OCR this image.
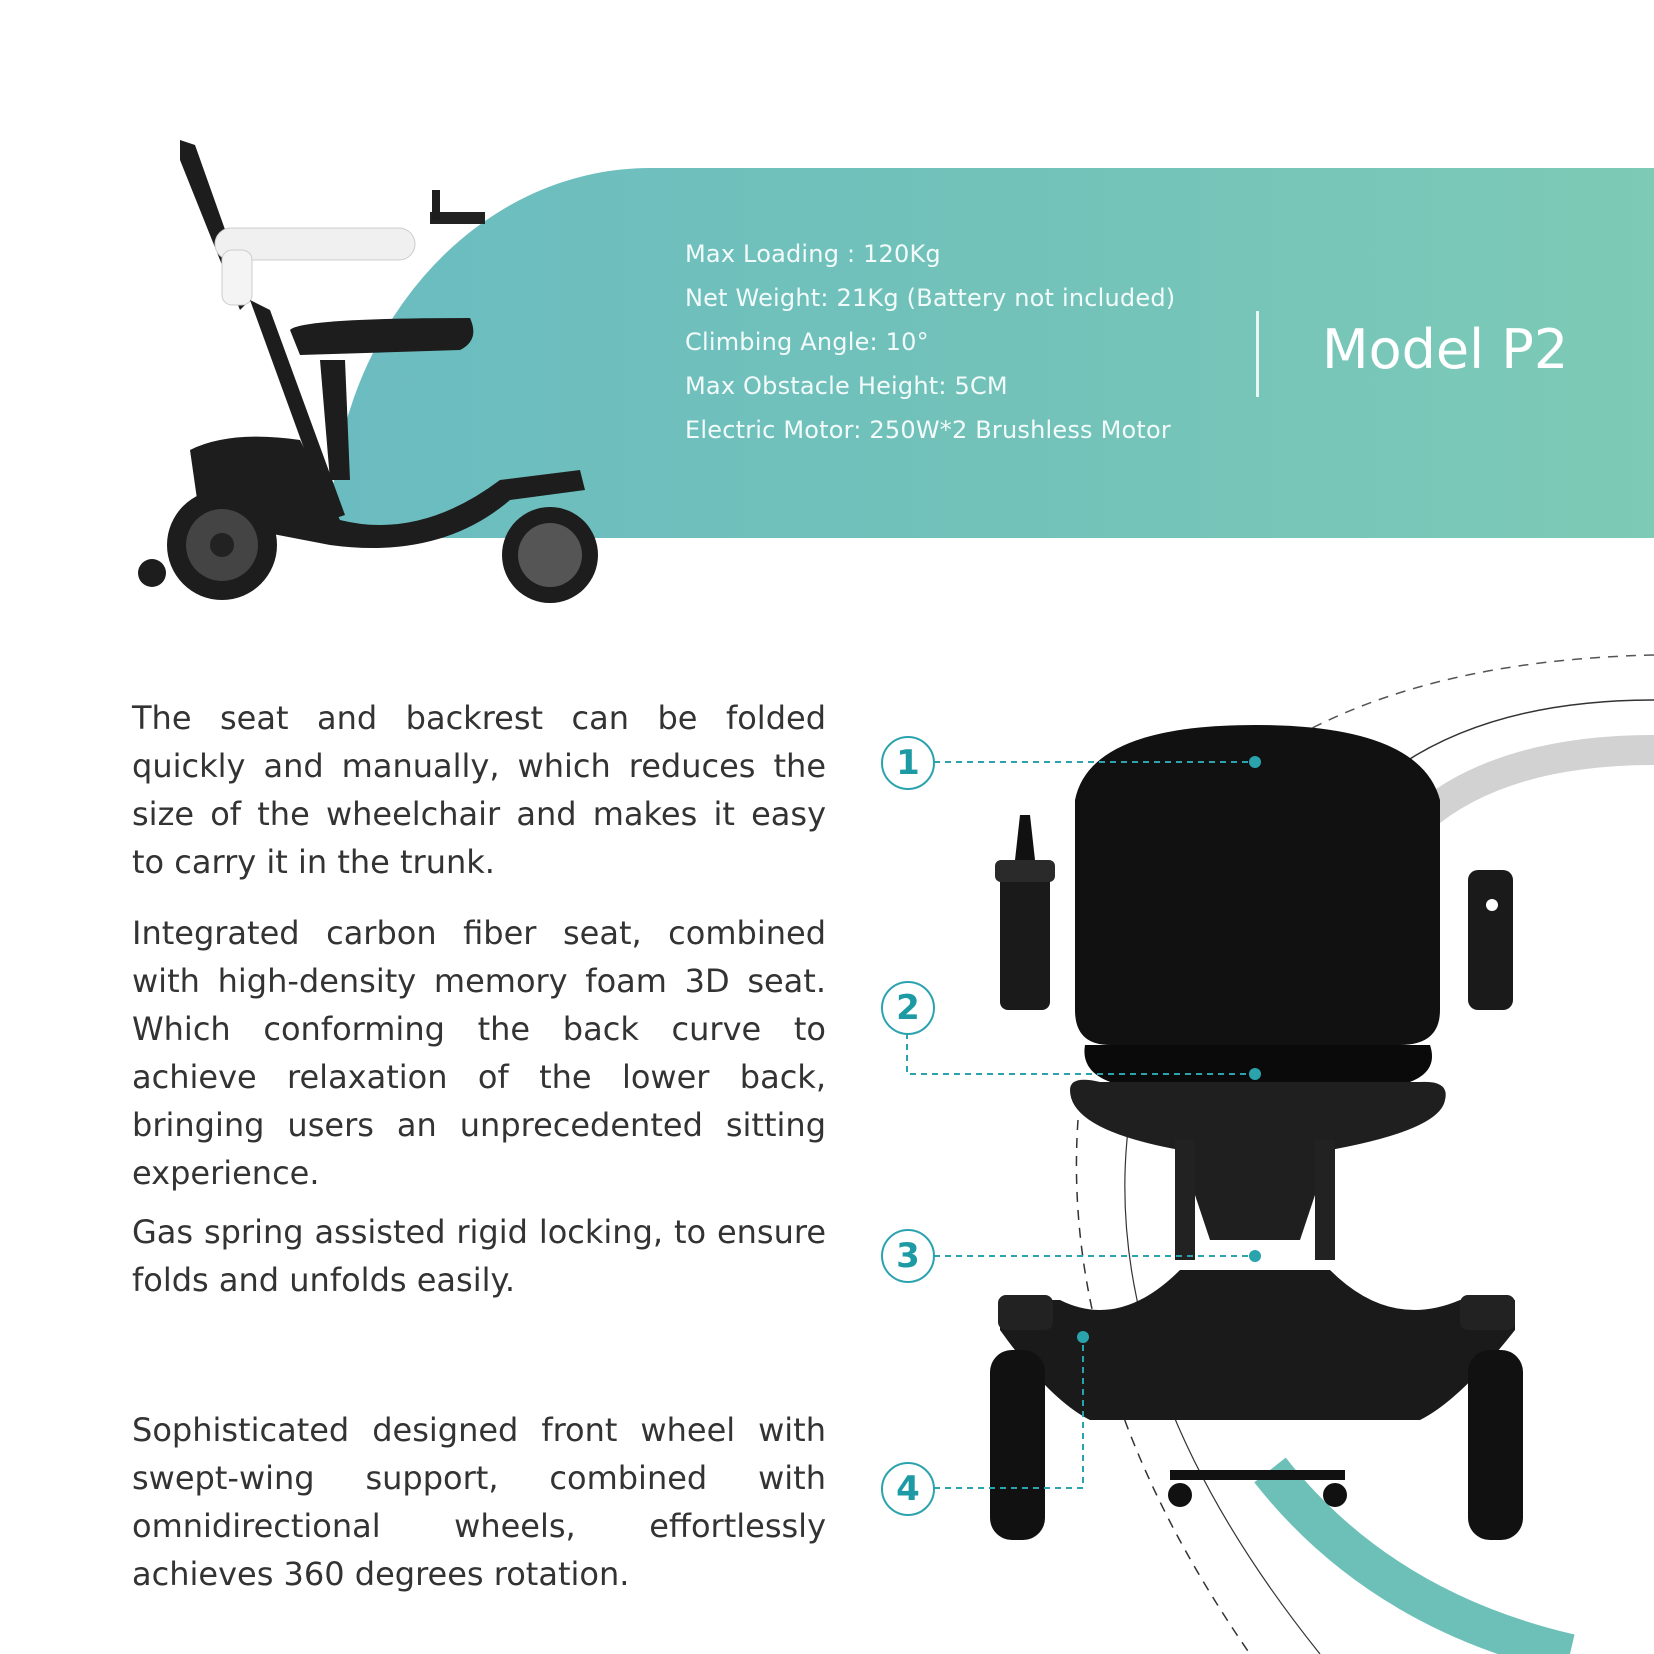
Max Loading : 120Kg
Net Weight: 21Kg (Battery not included)
Climbing Angle: 10°
Max Obstacle Height: 5CM
Electric Motor: 250W*2 Brushless Motor
Model P2
The seat and backrest can be folded quickly and manually, which reduces the size of the wheelchair and makes it easy to carry it in the trunk.
Integrated carbon fiber seat, combined with high-density memory foam 3D seat. Which conforming the back curve to achieve relaxation of the lower back, bringing users an unprecedented sitting experience.
Gas spring assisted rigid locking, to ensure folds and unfolds easily.
Sophisticated designed front wheel with swept-wing support, combined with omnidirectional wheels, effortlessly achieves 360 degrees rotation.
1
2
3
4
